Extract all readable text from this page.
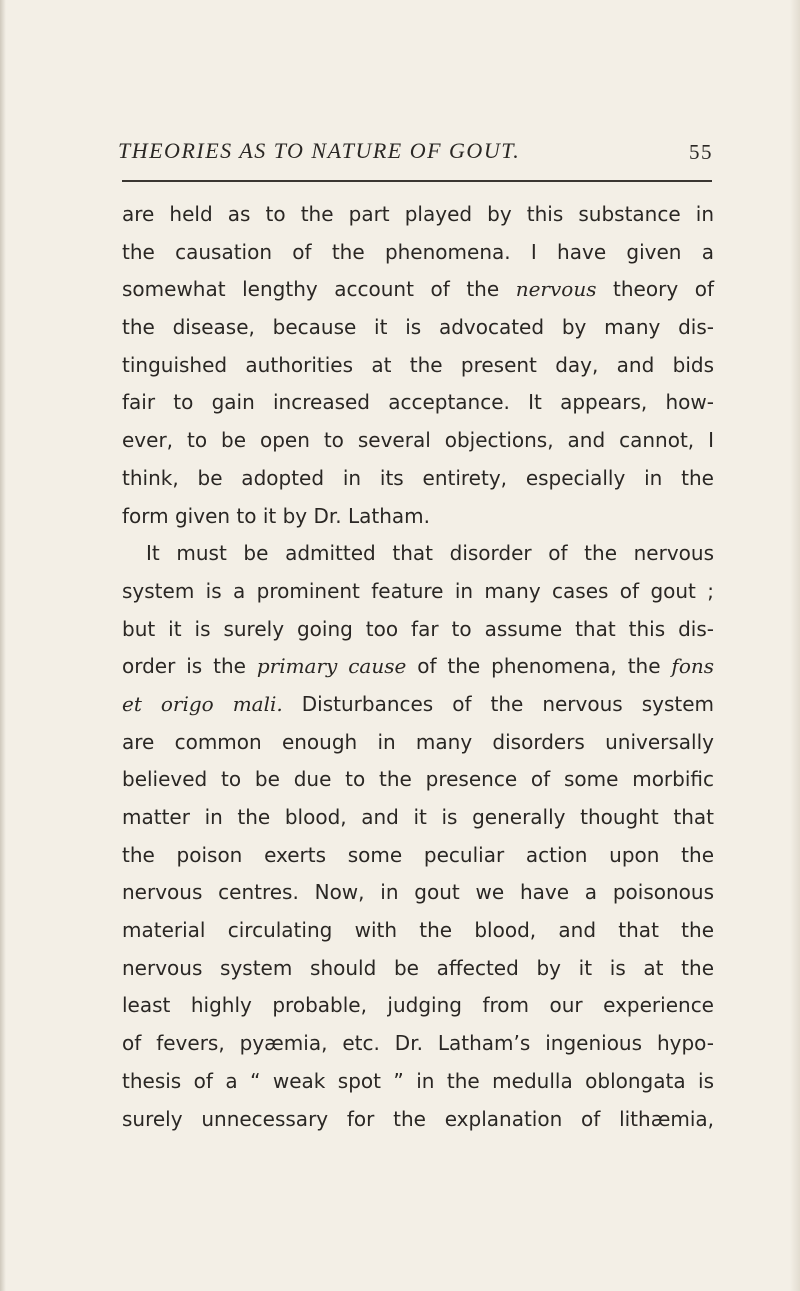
THEORIES AS TO NATURE OF GOUT.	55
are held as to the part played by this substance in
the causation of the phenomena. I have given a
somewhat lengthy account of the nervous theory of
the disease, because it is advocated by many dis-
tinguished authorities at the present day, and bids
fair to gain increased acceptance. It appears, how-
ever, to be open to several objections, and cannot, I
think, be adopted in its entirety, especially in the
form given to it by Dr. Latham.
It must be admitted that disorder of the nervous
system is a prominent feature in many cases of gout ;
but it is surely going too far to assume that this dis-
order is the primary cause of the phenomena, the fons
et origo mali. Disturbances of the nervous system
are common enough in many disorders universally
believed to be due to the presence of some morbific
matter in the blood, and it is generally thought that
the poison exerts some peculiar action upon the
nervous centres. Now, in gout we have a poisonous
material circulating with the blood, and that the
nervous system should be affected by it is at the
least highly probable, judging from our experience
of fevers, pyæmia, etc. Dr. Latham’s ingenious hypo-
thesis of a “ weak spot ” in the medulla oblongata is
surely unnecessary for the explanation of lithæmia,
